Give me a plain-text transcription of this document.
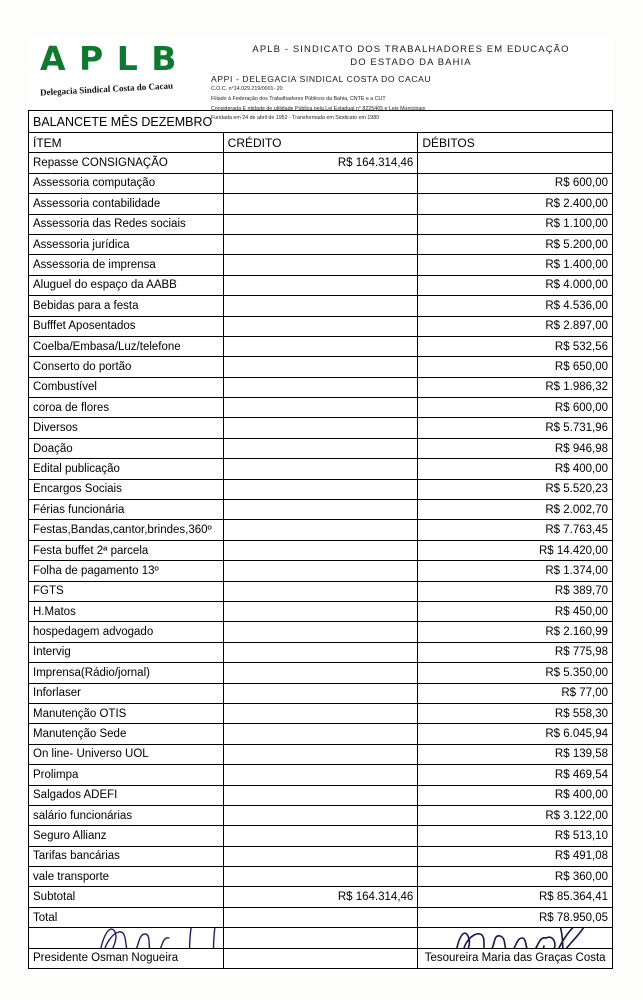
A P L B Delegacia Sindical Costa do Cacau
APLB - SINDICATO DOS TRABALHADORES EM EDUCAÇÃO
DO ESTADO DA BAHIA
APPI - DELEGACIA SINDICAL COSTA DO CACAU
C.O.C. n°14.029.219/0001- 20
Filiado á Federação dos Trabalhadores Públicos da Bahia, CNTE e a CUT
Considerada E ntidade de utilidade Pública pela Lei Estadual n° 8225465 e Leis Municipais
Fundada em 24 de abril de 1952 - Transformada em Sindicato em 1989
BALANCETE MÊS DEZEMBRO		
ÍTEM	CRÉDITO	DÉBITOS
Repasse CONSIGNAÇÃO	R$ 164.314,46	
Assessoria computação		R$ 600,00
Assessoria contabilidade		R$ 2.400,00
Assessoria das Redes sociais		R$ 1.100,00
Assessoria jurídica		R$ 5.200,00
Assessoria de imprensa		R$ 1.400,00
Aluguel do espaço da AABB		R$ 4.000,00
Bebidas para a festa		R$ 4.536,00
Bufffet Aposentados		R$ 2.897,00
Coelba/Embasa/Luz/telefone		R$ 532,56
Conserto do portão		R$ 650,00
Combustível		R$ 1.986,32
coroa de flores		R$ 600,00
Diversos		R$ 5.731,96
Doação		R$ 946,98
Edital publicação		R$ 400,00
Encargos Sociais		R$ 5.520,23
Férias funcionária		R$ 2.002,70
Festas,Bandas,cantor,brindes,360º		R$ 7.763,45
Festa buffet 2ª parcela		R$ 14.420,00
Folha de pagamento 13º		R$ 1.374,00
FGTS		R$ 389,70
H.Matos		R$ 450,00
hospedagem advogado		R$ 2.160,99
Intervig		R$ 775,98
Imprensa(Rádio/jornal)		R$ 5.350,00
Inforlaser		R$ 77,00
Manutenção OTIS		R$ 558,30
Manutenção Sede		R$ 6.045,94
On line- Universo UOL		R$ 139,58
Prolimpa		R$ 469,54
Salgados ADEFI		R$ 400,00
salário funcionárias		R$ 3.122,00
Seguro Allianz		R$ 513,10
Tarifas bancárias		R$ 491,08
vale transporte		R$ 360,00
Subtotal	R$ 164.314,46	R$ 85.364,41
Total		R$ 78.950,05

Presidente Osman Nogueira		Tesoureira Maria das Graças Costa
